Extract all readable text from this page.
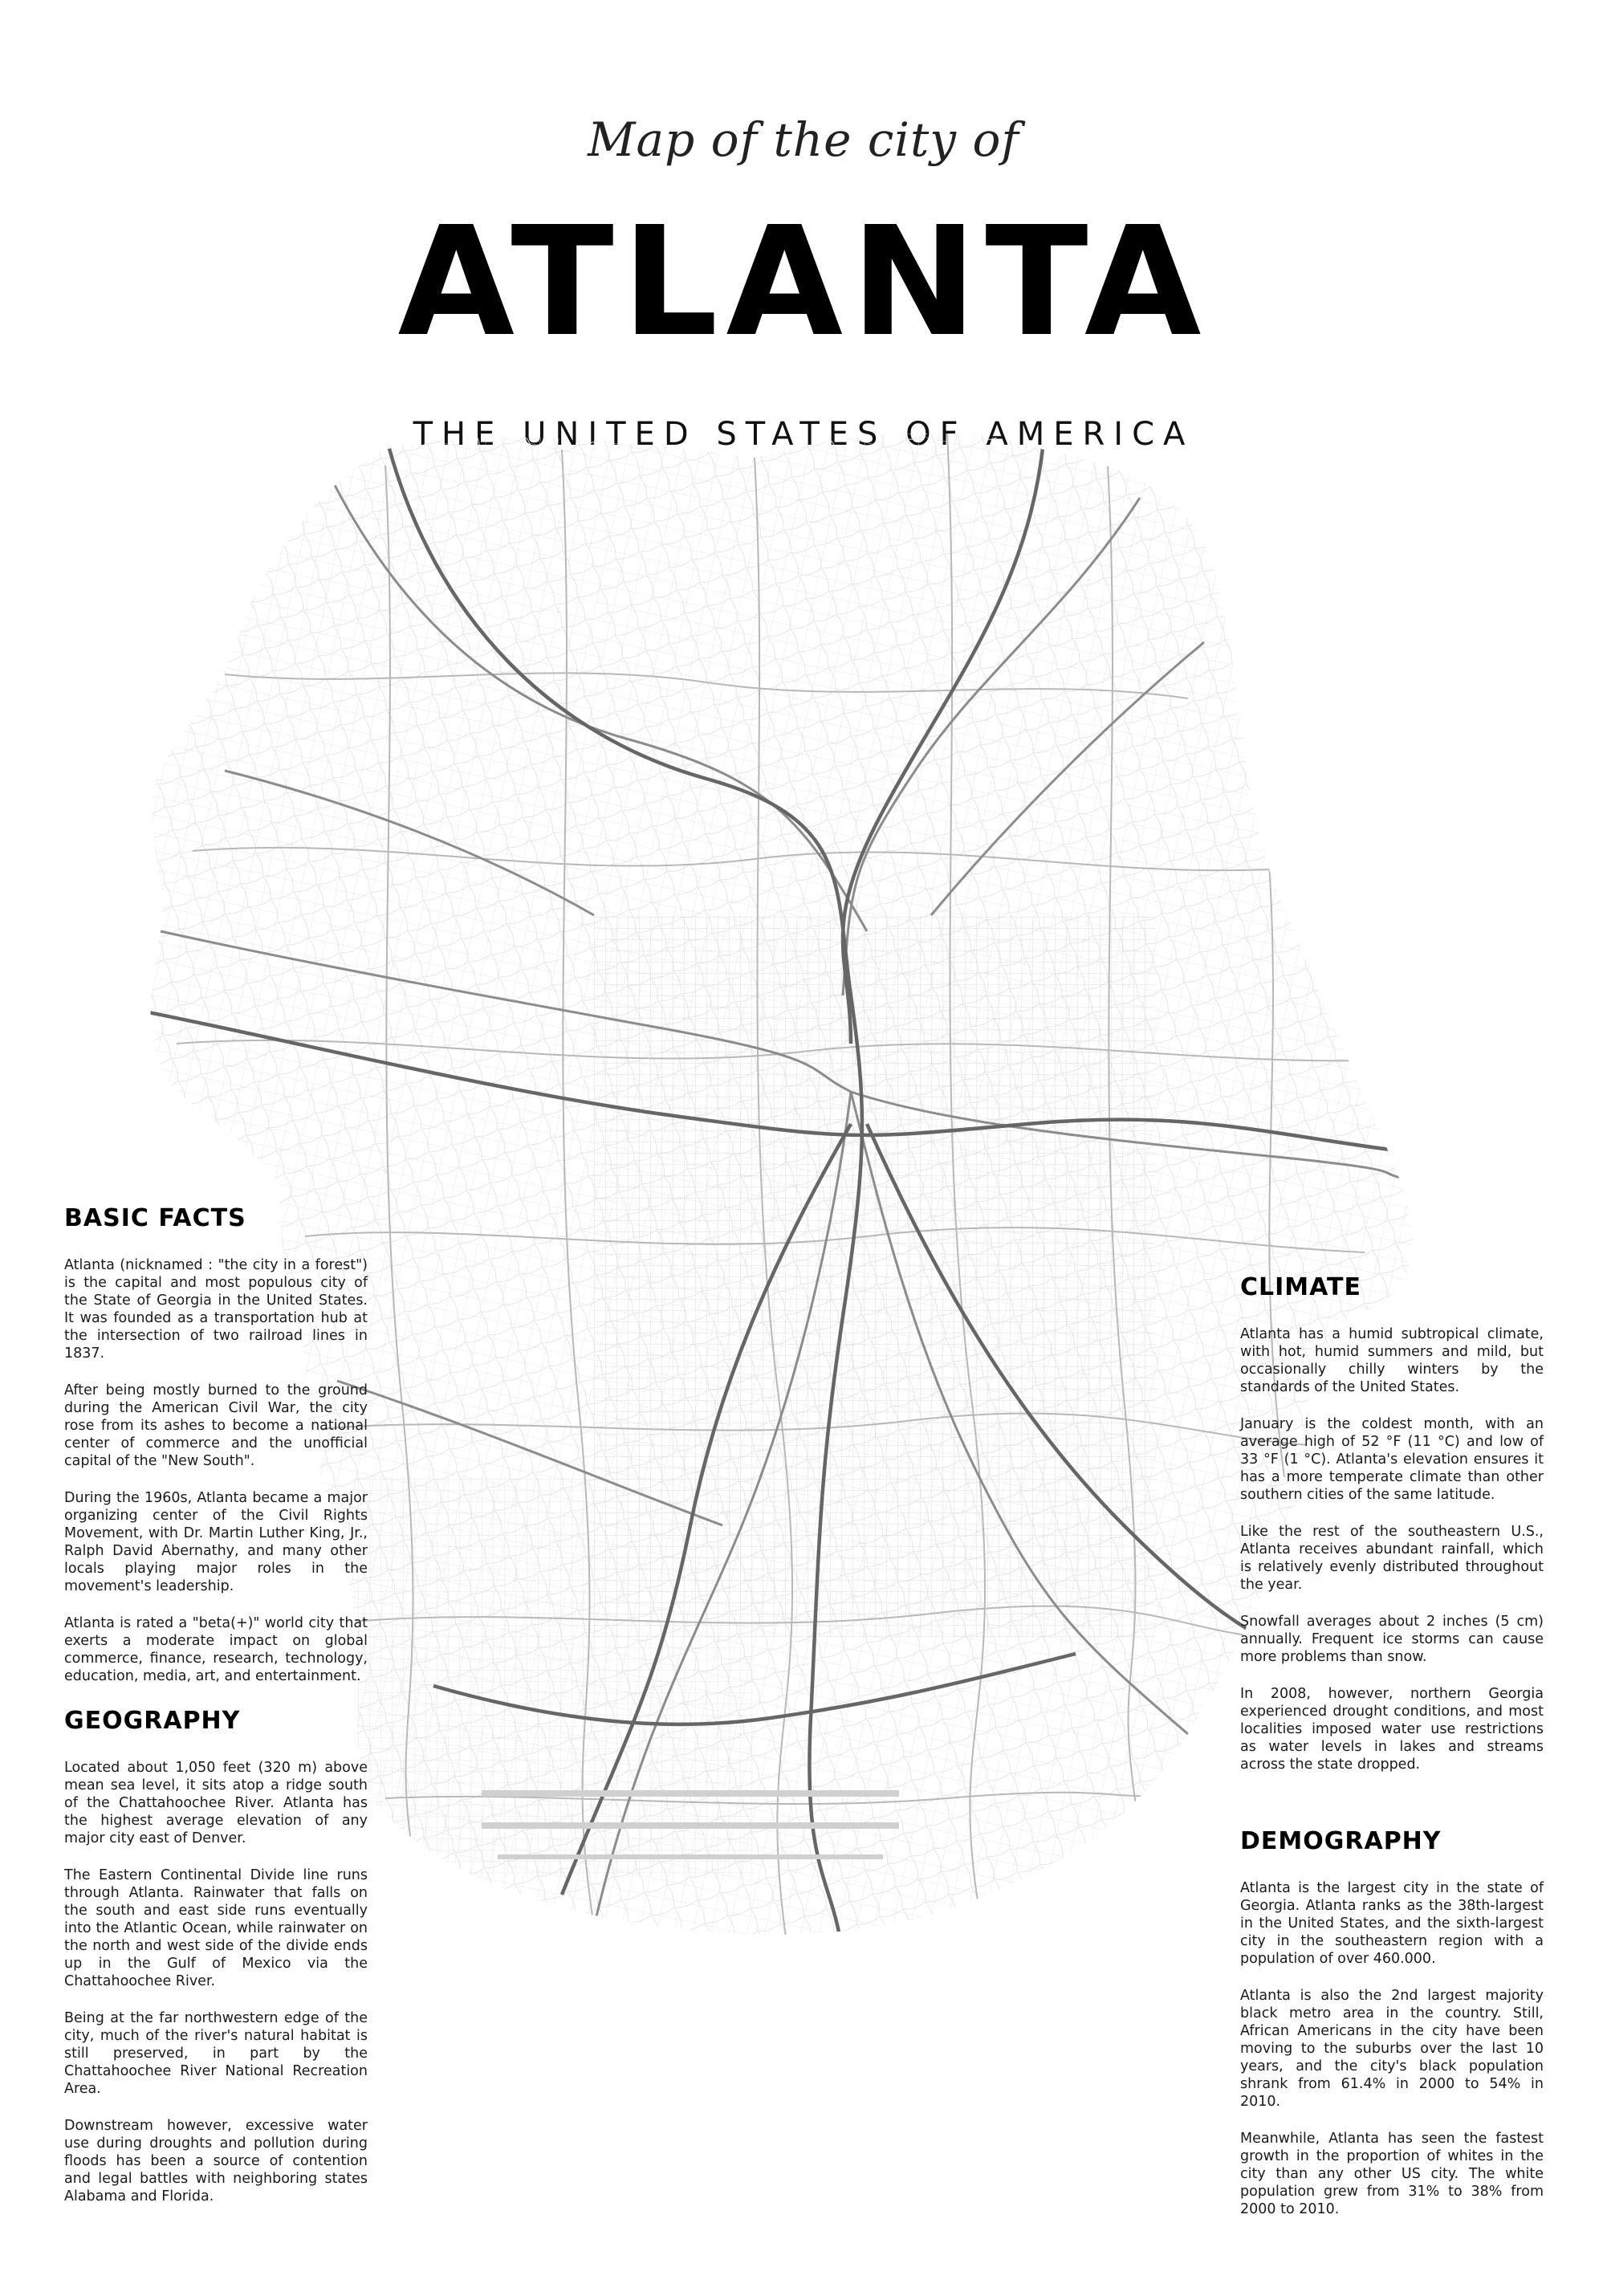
Map of the city of
ATLANTA
THE UNITED STATES OF AMERICA
BASIC FACTS

Atlanta (nicknamed : "the city in a forest") is the capital and most populous city of the State of Georgia in the United States. It was founded as a transportation hub at the intersection of two railroad lines in 1837.

After being mostly burned to the ground during the American Civil War, the city rose from its ashes to become a national center of commerce and the unofficial capital of the "New South".

During the 1960s, Atlanta became a major organizing center of the Civil Rights Movement, with Dr. Martin Luther King, Jr., Ralph David Abernathy, and many other locals playing major roles in the movement's leadership.

Atlanta is rated a "beta(+)" world city that exerts a moderate impact on global commerce, finance, research, technology, education, media, art, and entertainment.

GEOGRAPHY

Located about 1,050 feet (320 m) above mean sea level, it sits atop a ridge south of the Chattahoochee River. Atlanta has the highest average elevation of any major city east of Denver.

The Eastern Continental Divide line runs through Atlanta. Rainwater that falls on the south and east side runs eventually into the Atlantic Ocean, while rainwater on the north and west side of the divide ends up in the Gulf of Mexico via the Chattahoochee River.

Being at the far northwestern edge of the city, much of the river's natural habitat is still preserved, in part by the Chattahoochee River National Recreation Area.

Downstream however, excessive water use during droughts and pollution during floods has been a source of contention and legal battles with neighboring states Alabama and Florida.

CLIMATE

Atlanta has a humid subtropical climate, with hot, humid summers and mild, but occasionally chilly winters by the standards of the United States.

January is the coldest month, with an average high of 52 °F (11 °C) and low of 33 °F (1 °C). Atlanta's elevation ensures it has a more temperate climate than other southern cities of the same latitude.

Like the rest of the southeastern U.S., Atlanta receives abundant rainfall, which is relatively evenly distributed throughout the year.

Snowfall averages about 2 inches (5 cm) annually. Frequent ice storms can cause more problems than snow.

In 2008, however, northern Georgia experienced drought conditions, and most localities imposed water use restrictions as water levels in lakes and streams across the state dropped.

DEMOGRAPHY

Atlanta is the largest city in the state of Georgia. Atlanta ranks as the 38th-largest in the United States, and the sixth-largest city in the southeastern region with a population of over 460.000.

Atlanta is also the 2nd largest majority black metro area in the country. Still, African Americans in the city have been moving to the suburbs over the last 10 years, and the city's black population shrank from 61.4% in 2000 to 54% in 2010.

Meanwhile, Atlanta has seen the fastest growth in the proportion of whites in the city than any other US city. The white population grew from 31% to 38% from 2000 to 2010.
